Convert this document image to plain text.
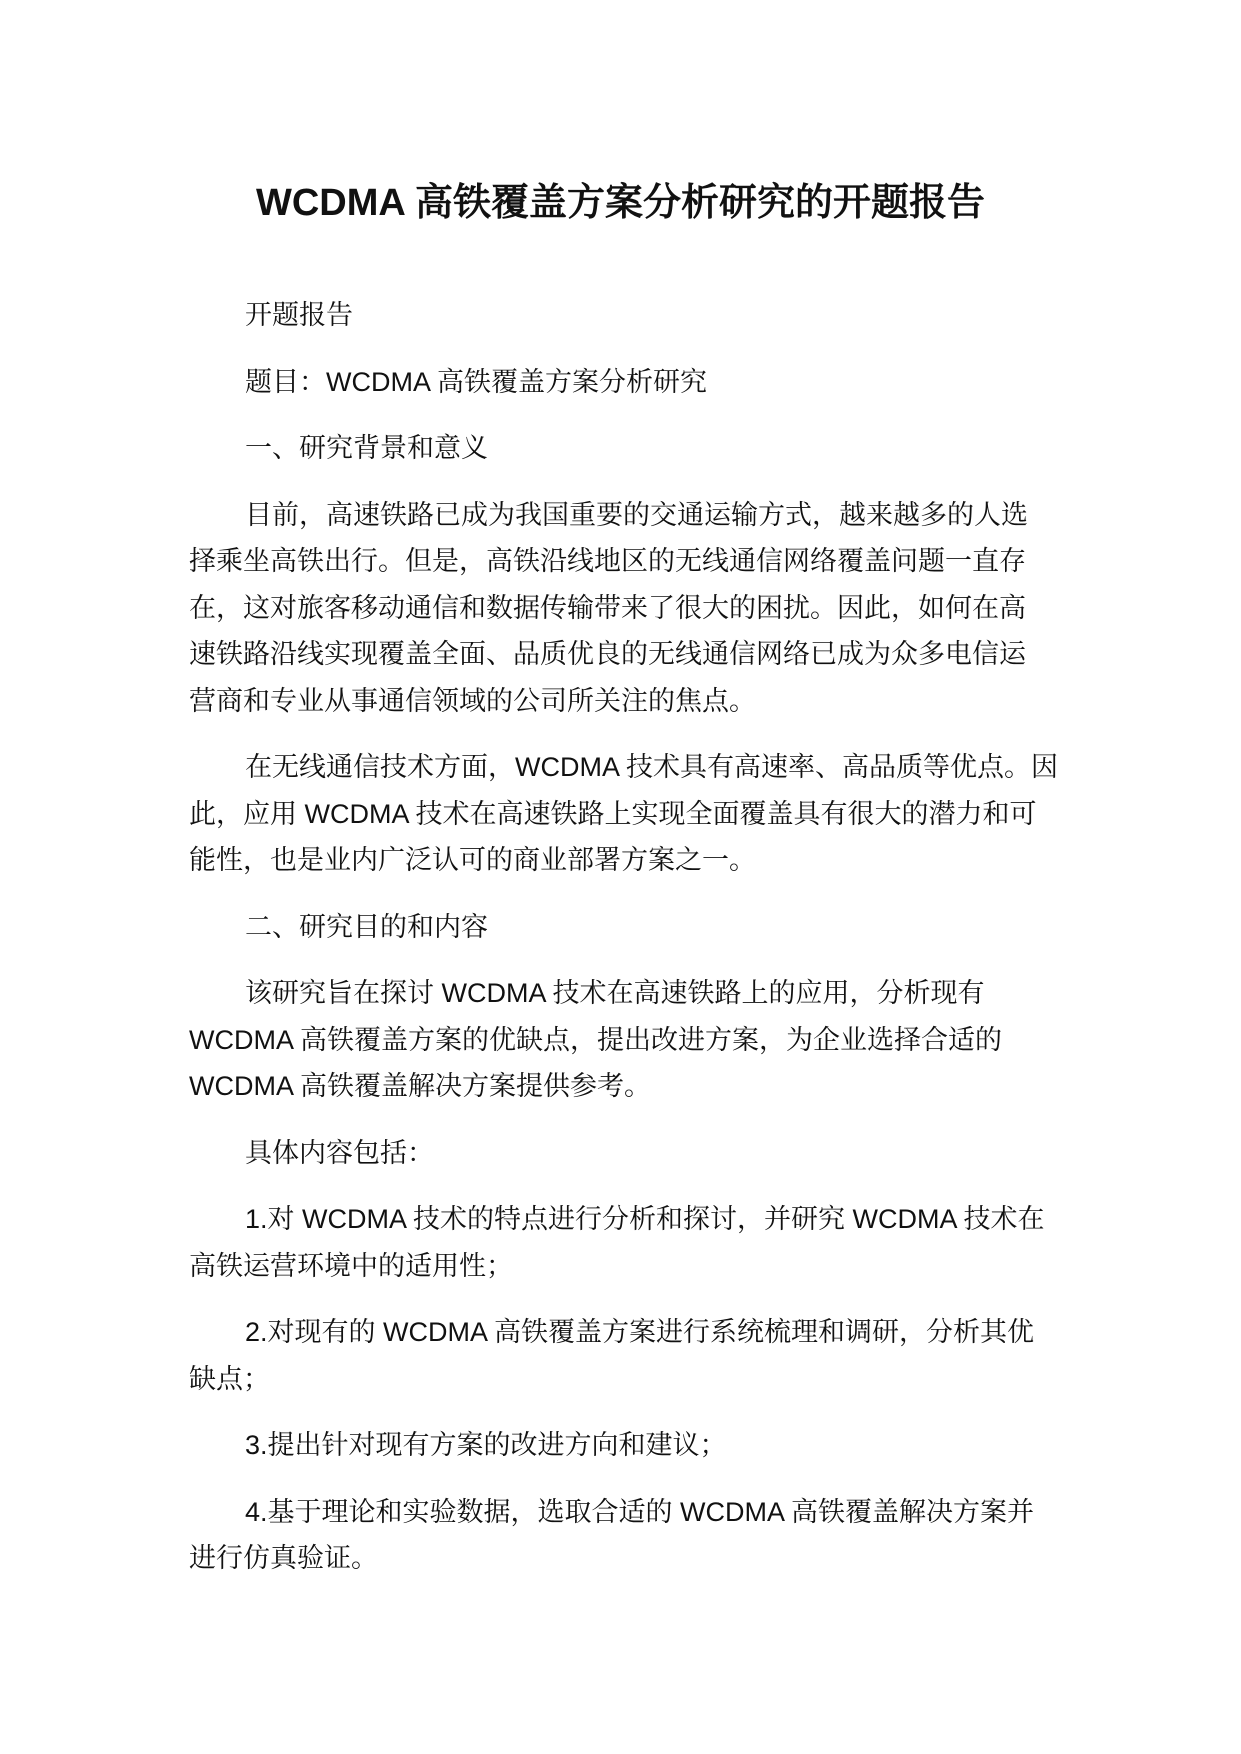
WCDMA 高铁覆盖方案分析研究的开题报告
开题报告
题目：WCDMA 高铁覆盖方案分析研究
一、研究背景和意义
目前，高速铁路已成为我国重要的交通运输方式，越来越多的人选
择乘坐高铁出行。但是，高铁沿线地区的无线通信网络覆盖问题一直存
在，这对旅客移动通信和数据传输带来了很大的困扰。因此，如何在高
速铁路沿线实现覆盖全面、品质优良的无线通信网络已成为众多电信运
营商和专业从事通信领域的公司所关注的焦点。
在无线通信技术方面，WCDMA 技术具有高速率、高品质等优点。因
此，应用 WCDMA 技术在高速铁路上实现全面覆盖具有很大的潜力和可
能性，也是业内广泛认可的商业部署方案之一。
二、研究目的和内容
该研究旨在探讨 WCDMA 技术在高速铁路上的应用，分析现有
WCDMA 高铁覆盖方案的优缺点，提出改进方案，为企业选择合适的
WCDMA 高铁覆盖解决方案提供参考。
具体内容包括：
1.对 WCDMA 技术的特点进行分析和探讨，并研究 WCDMA 技术在
高铁运营环境中的适用性；
2.对现有的 WCDMA 高铁覆盖方案进行系统梳理和调研，分析其优
缺点；
3.提出针对现有方案的改进方向和建议；
4.基于理论和实验数据，选取合适的 WCDMA 高铁覆盖解决方案并
进行仿真验证。
